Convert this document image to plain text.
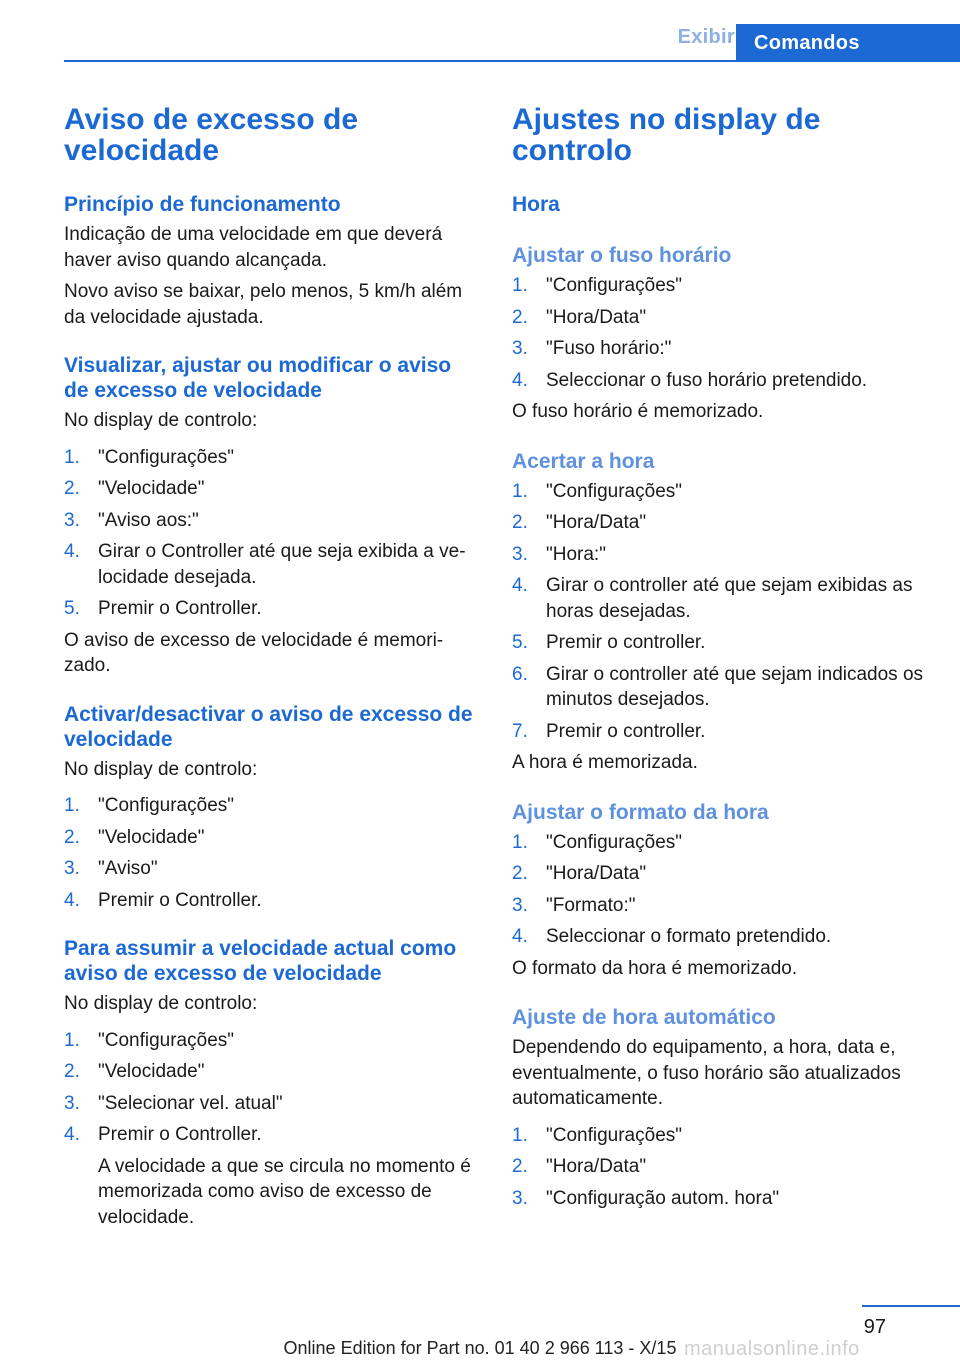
Exibir Comandos
Aviso de excesso de velocidade
Princípio de funcionamento

Indicação de uma velocidade em que deverá haver aviso quando alcançada.

Novo aviso se baixar, pelo menos, 5 km/h além da velocidade ajustada.

Visualizar, ajustar ou modificar o aviso de excesso de velocidade

No display de controlo:

1. "Configurações"
2. "Velocidade"
3. "Aviso aos:"
4. Girar o Controller até que seja exibida a ve‐locidade desejada.
5. Premir o Controller.

O aviso de excesso de velocidade é memori‐zado.

Activar/desactivar o aviso de excesso de velocidade

No display de controlo:

1. "Configurações"
2. "Velocidade"
3. "Aviso"
4. Premir o Controller.
Para assumir a velocidade actual como aviso de excesso de velocidade

No display de controlo:

1. "Configurações"
2. "Velocidade"
3. "Selecionar vel. atual"
4. Premir o Controller.
A velocidade a que se circula no momento é memorizada como aviso de excesso de velocidade.
Ajustes no display de controlo
Hora
Ajustar o fuso horário
1. "Configurações"
2. "Hora/Data"
3. "Fuso horário:"
4. Seleccionar o fuso horário pretendido.

O fuso horário é memorizado.

Acertar a hora
1. "Configurações"
2. "Hora/Data"
3. "Hora:"
4. Girar o controller até que sejam exibidas as horas desejadas.
5. Premir o controller.
6. Girar o controller até que sejam indicados os minutos desejados.
7. Premir o controller.

A hora é memorizada.

Ajustar o formato da hora
1. "Configurações"
2. "Hora/Data"
3. "Formato:"
4. Seleccionar o formato pretendido.

O formato da hora é memorizado.

Ajuste de hora automático

Dependendo do equipamento, a hora, data e, eventualmente, o fuso horário são atualizados automaticamente.

1. "Configurações"
2. "Hora/Data"
3. "Configuração autom. hora"
97
Online Edition for Part no. 01 40 2 966 113 - X/15 manualsonline.info
